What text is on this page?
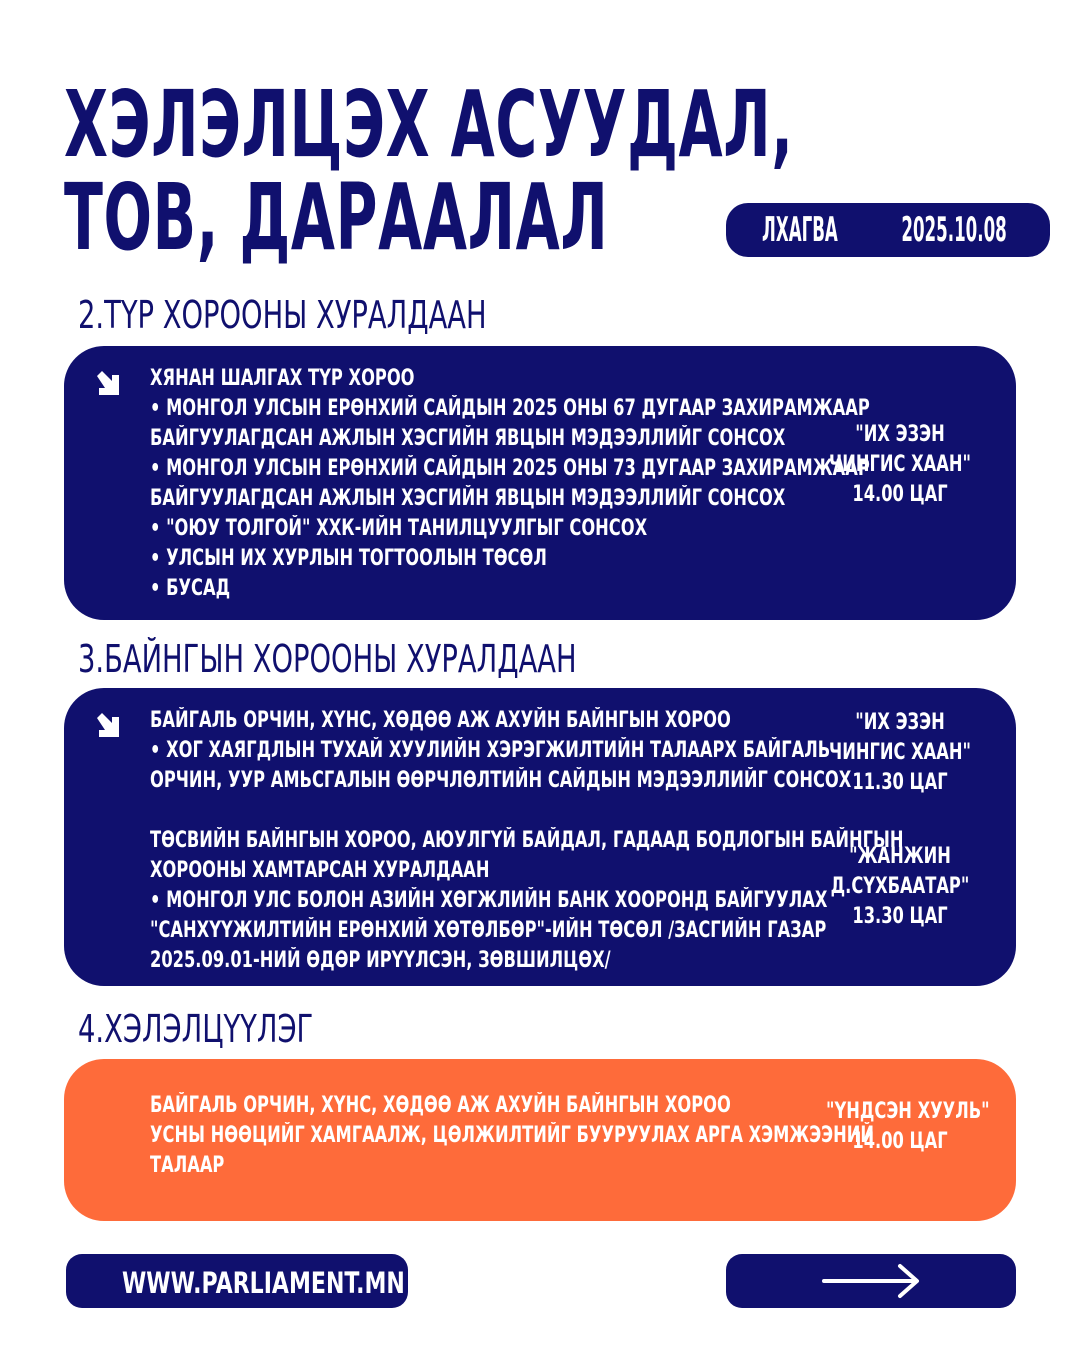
ХЭЛЭЛЦЭХ АСУУДАЛ,
ТОВ, ДАРААЛАЛ	ЛХАГВА 2025.10.08
2.ТҮР ХОРООНЫ ХУРАЛДААН
ХЯНАН ШАЛГАХ ТҮР ХОРОО
• МОНГОЛ УЛСЫН ЕРӨНХИЙ САЙДЫН 2025 ОНЫ 67 ДУГААР ЗАХИРАМЖААР
БАЙГУУЛАГДСАН АЖЛЫН ХЭСГИЙН ЯВЦЫН МЭДЭЭЛЛИЙГ СОНСОХ
• МОНГОЛ УЛСЫН ЕРӨНХИЙ САЙДЫН 2025 ОНЫ 73 ДУГААР ЗАХИРАМЖААР
БАЙГУУЛАГДСАН АЖЛЫН ХЭСГИЙН ЯВЦЫН МЭДЭЭЛЛИЙГ СОНСОХ
• "ОЮУ ТОЛГОЙ" ХХК-ИЙН ТАНИЛЦУУЛГЫГ СОНСОХ
• УЛСЫН ИХ ХУРЛЫН ТОГТООЛЫН ТӨСӨЛ
• БУСАД
"ИХ ЭЗЭН
ЧИНГИС ХААН"
14.00 ЦАГ
3.БАЙНГЫН ХОРООНЫ ХУРАЛДААН
БАЙГАЛЬ ОРЧИН, ХҮНС, ХӨДӨӨ АЖ АХУЙН БАЙНГЫН ХОРОО
• ХОГ ХАЯГДЛЫН ТУХАЙ ХУУЛИЙН ХЭРЭГЖИЛТИЙН ТАЛААРХ БАЙГАЛЬ
ОРЧИН, УУР АМЬСГАЛЫН ӨӨРЧЛӨЛТИЙН САЙДЫН МЭДЭЭЛЛИЙГ СОНСОХ
"ИХ ЭЗЭН
ЧИНГИС ХААН"
11.30 ЦАГ
ТӨСВИЙН БАЙНГЫН ХОРОО, АЮУЛГҮЙ БАЙДАЛ, ГАДААД БОДЛОГЫН БАЙНГЫН
ХОРООНЫ ХАМТАРСАН ХУРАЛДААН
• МОНГОЛ УЛС БОЛОН АЗИЙН ХӨГЖЛИЙН БАНК ХООРОНД БАЙГУУЛАХ
"САНХҮҮЖИЛТИЙН ЕРӨНХИЙ ХӨТӨЛБӨР"-ИЙН ТӨСӨЛ /ЗАСГИЙН ГАЗАР
2025.09.01-НИЙ ӨДӨР ИРҮҮЛСЭН, ЗӨВШИЛЦӨХ/
"ЖАНЖИН
Д.СҮХБААТАР"
13.30 ЦАГ
4.ХЭЛЭЛЦҮҮЛЭГ
БАЙГАЛЬ ОРЧИН, ХҮНС, ХӨДӨӨ АЖ АХУЙН БАЙНГЫН ХОРОО
УСНЫ НӨӨЦИЙГ ХАМГААЛЖ, ЦӨЛЖИЛТИЙГ БУУРУУЛАХ АРГА ХЭМЖЭЭНИЙ
ТАЛААР
"ҮНДСЭН ХУУЛЬ"
14.00 ЦАГ
WWW.PARLIAMENT.MN
